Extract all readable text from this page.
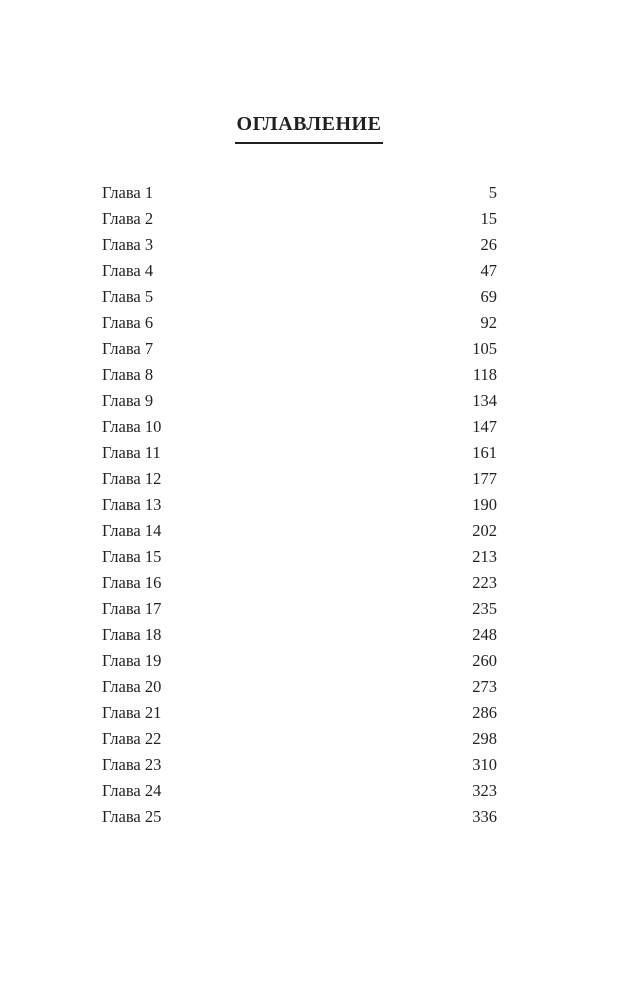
ОГЛАВЛЕНИЕ
Глава 1	5
Глава 2	15
Глава 3	26
Глава 4	47
Глава 5	69
Глава 6	92
Глава 7	105
Глава 8	118
Глава 9	134
Глава 10	147
Глава 11	161
Глава 12	177
Глава 13	190
Глава 14	202
Глава 15	213
Глава 16	223
Глава 17	235
Глава 18	248
Глава 19	260
Глава 20	273
Глава 21	286
Глава 22	298
Глава 23	310
Глава 24	323
Глава 25	336
